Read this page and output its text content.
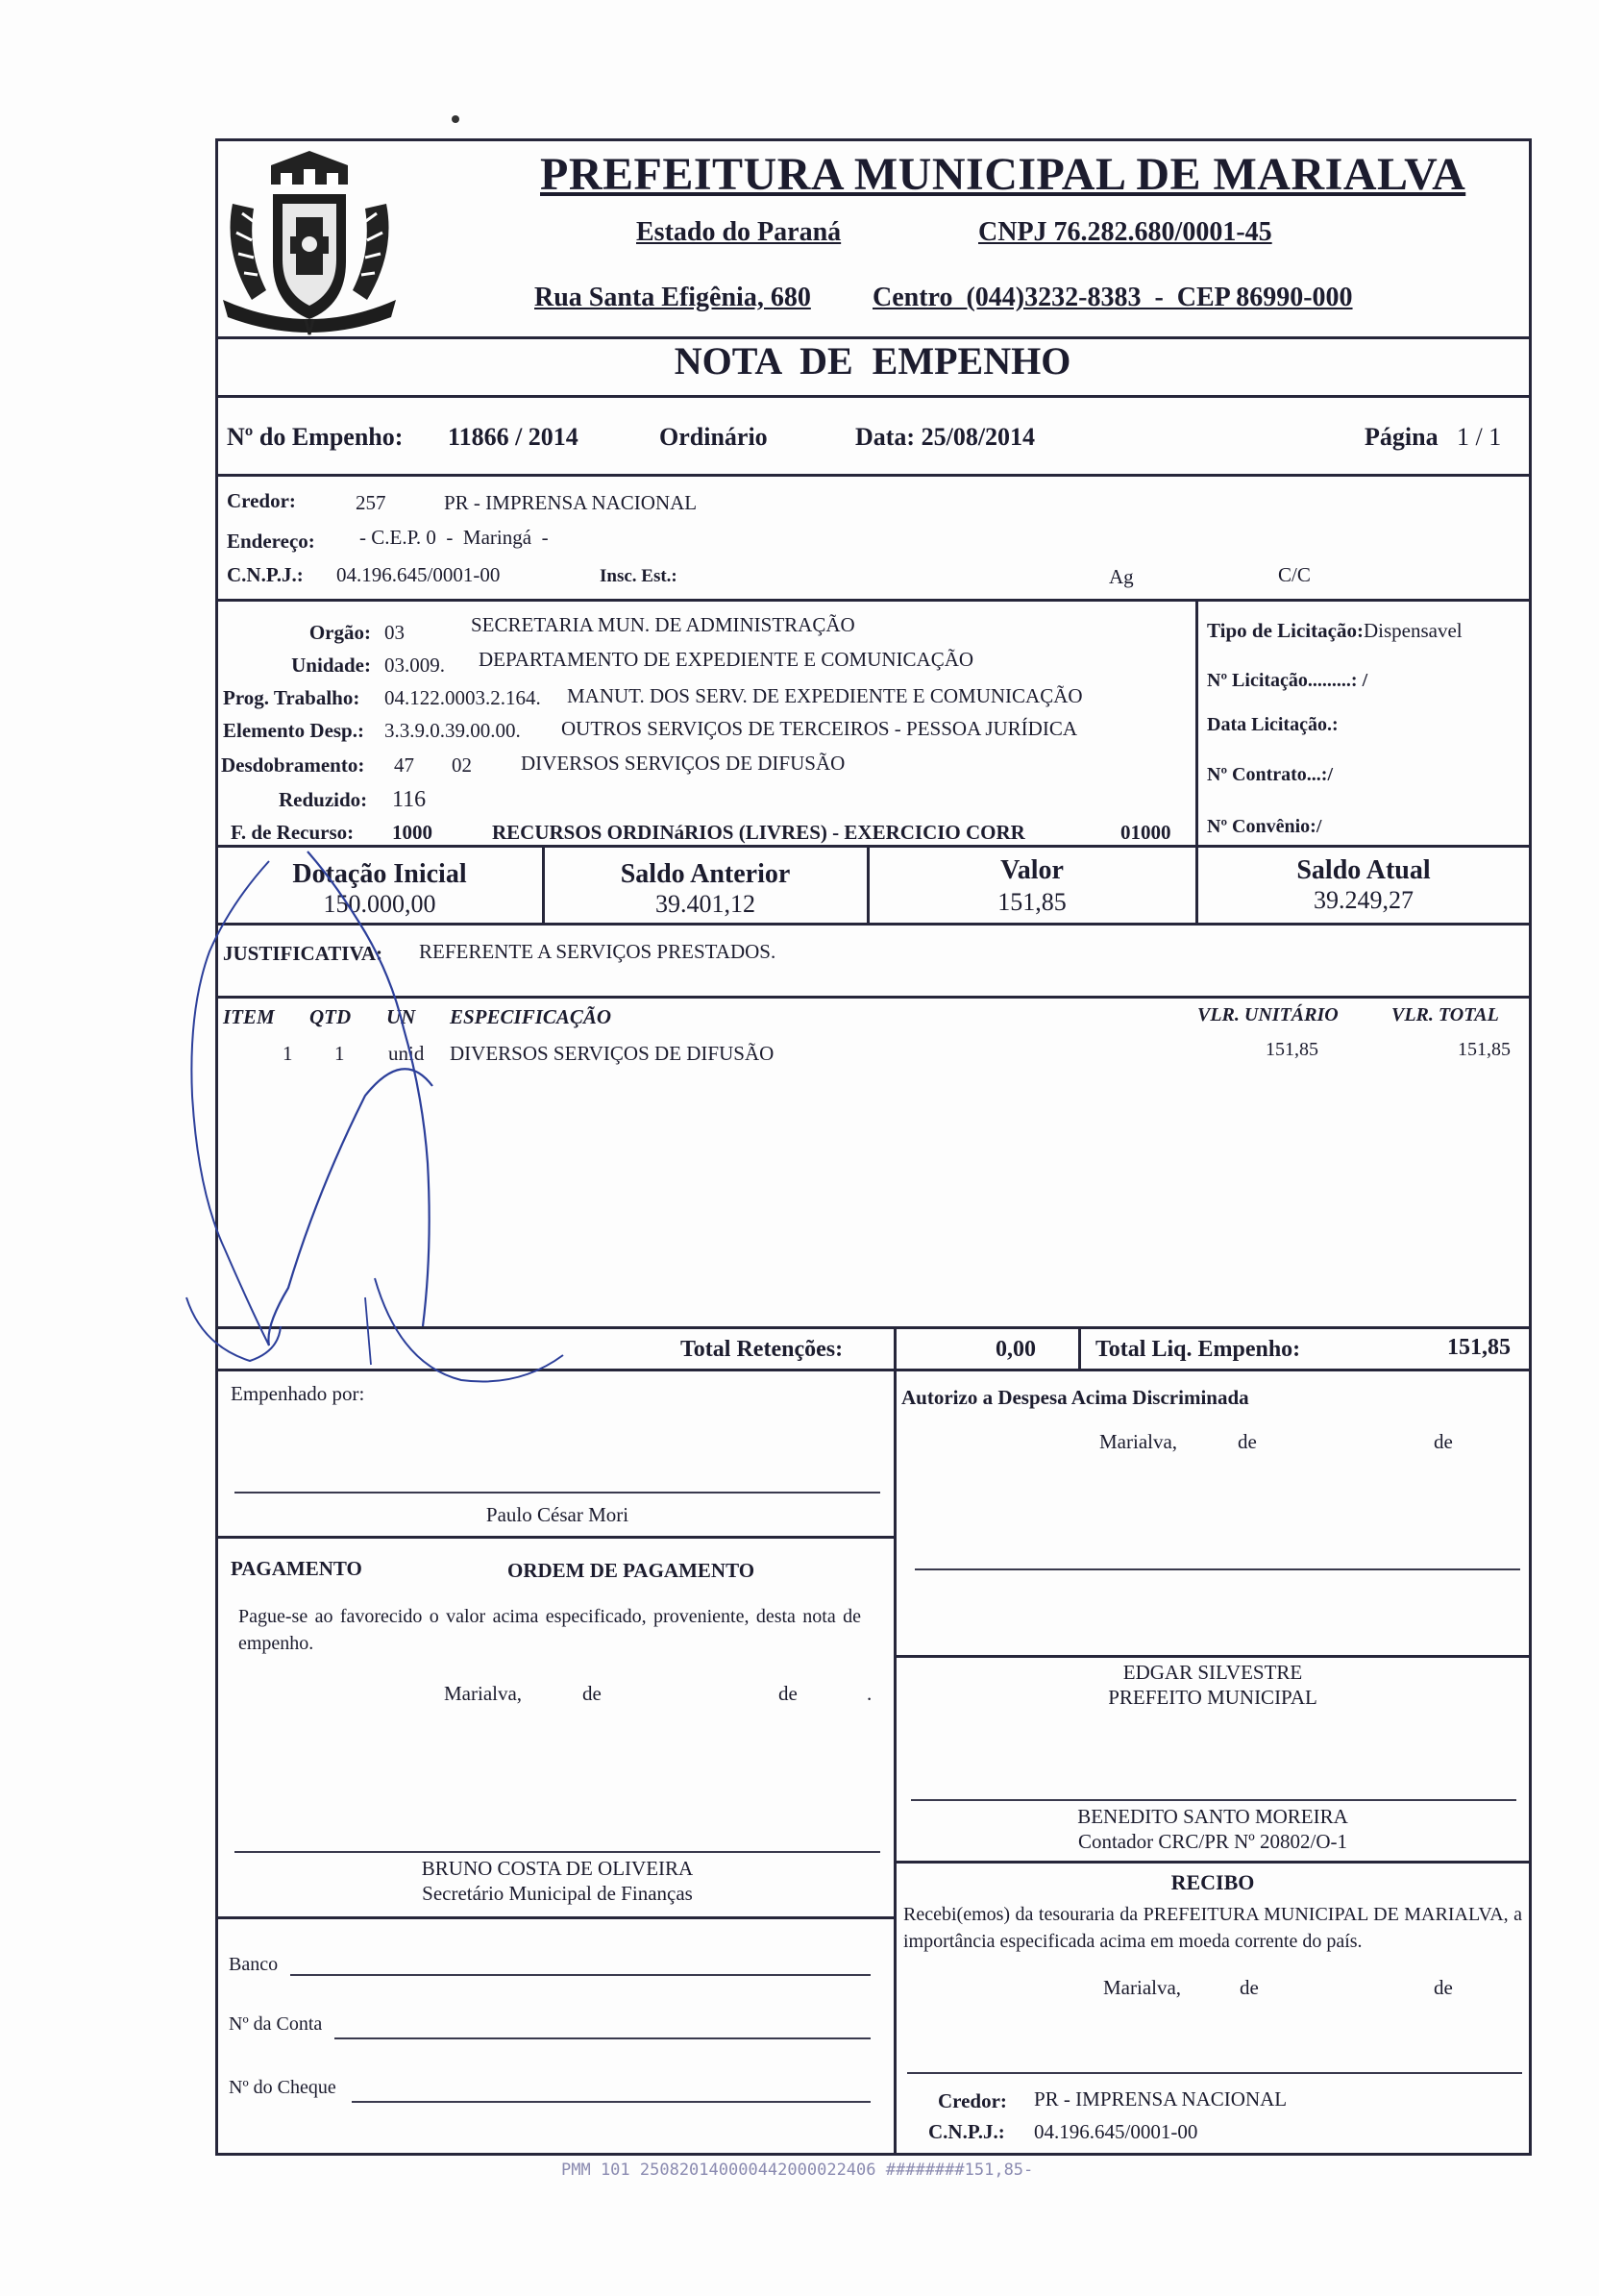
PREFEITURA MUNICIPAL DE MARIALVA
Estado do Paraná	CNPJ 76.282.680/0001-45
Rua Santa Efigênia, 680 Centro  (044)3232-8383  -  CEP 86990-000
NOTA  DE  EMPENHO
Nº do Empenho: 11866 / 2014	Ordinário	Data: 25/08/2014	Página 1 / 1
Credor:	257	PR - IMPRENSA NACIONAL
Endereço: - C.E.P. 0  -  Maringá  -
C.N.P.J.: 04.196.645/0001-00	Insc. Est.:	Ag	C/C
Orgão: 03	SECRETARIA MUN. DE ADMINISTRAÇÃO
Unidade: 03.009. DEPARTAMENTO DE EXPEDIENTE E COMUNICAÇÃO
Prog. Trabalho: 04.122.0003.2.164. MANUT. DOS SERV. DE EXPEDIENTE E COMUNICAÇÃO
Elemento Desp.: 3.3.9.0.39.00.00. OUTROS SERVIÇOS DE TERCEIROS - PESSOA JURÍDICA
Desdobramento: 47 02 DIVERSOS SERVIÇOS DE DIFUSÃO
Reduzido: 116
F. de Recurso: 1000	RECURSOS ORDINáRIOS (LIVRES) - EXERCICIO CORR	01000
Tipo de Licitação:Dispensavel
Nº Licitação.........: /
Data Licitação.:
Nº Contrato...:/
Nº Convênio:/
Dotação Inicial
150.000,00
Saldo Anterior
39.401,12
Valor
151,85
Saldo Atual
39.249,27
JUSTIFICATIVA: REFERENTE A SERVIÇOS PRESTADOS.
ITEM QTD UN ESPECIFICAÇÃO	VLR. UNITÁRIO	VLR. TOTAL
1 1 unid DIVERSOS SERVIÇOS DE DIFUSÃO	151,85	151,85
Total Retenções:	0,00	Total Liq. Empenho:	151,85
Empenhado por:
Paulo César Mori
Autorizo a Despesa Acima Discriminada
Marialva,	de	de
PAGAMENTO	ORDEM DE PAGAMENTO
Pague-se ao favorecido o valor acima especificado, proveniente, desta nota de empenho.
Marialva,	de	de	.
EDGAR SILVESTRE
PREFEITO MUNICIPAL
BENEDITO SANTO MOREIRA
Contador CRC/PR Nº 20802/O-1
BRUNO COSTA DE OLIVEIRA
Secretário Municipal de Finanças	RECIBO
Recebi(emos) da tesouraria da PREFEITURA MUNICIPAL DE MARIALVA, a importância especificada acima em moeda corrente do país.
Marialva,	de	de
Credor: PR - IMPRENSA NACIONAL
C.N.P.J.: 04.196.645/0001-00
Banco
Nº da Conta
Nº do Cheque
PMM 101 250820140000442000022406 ########151,85-
